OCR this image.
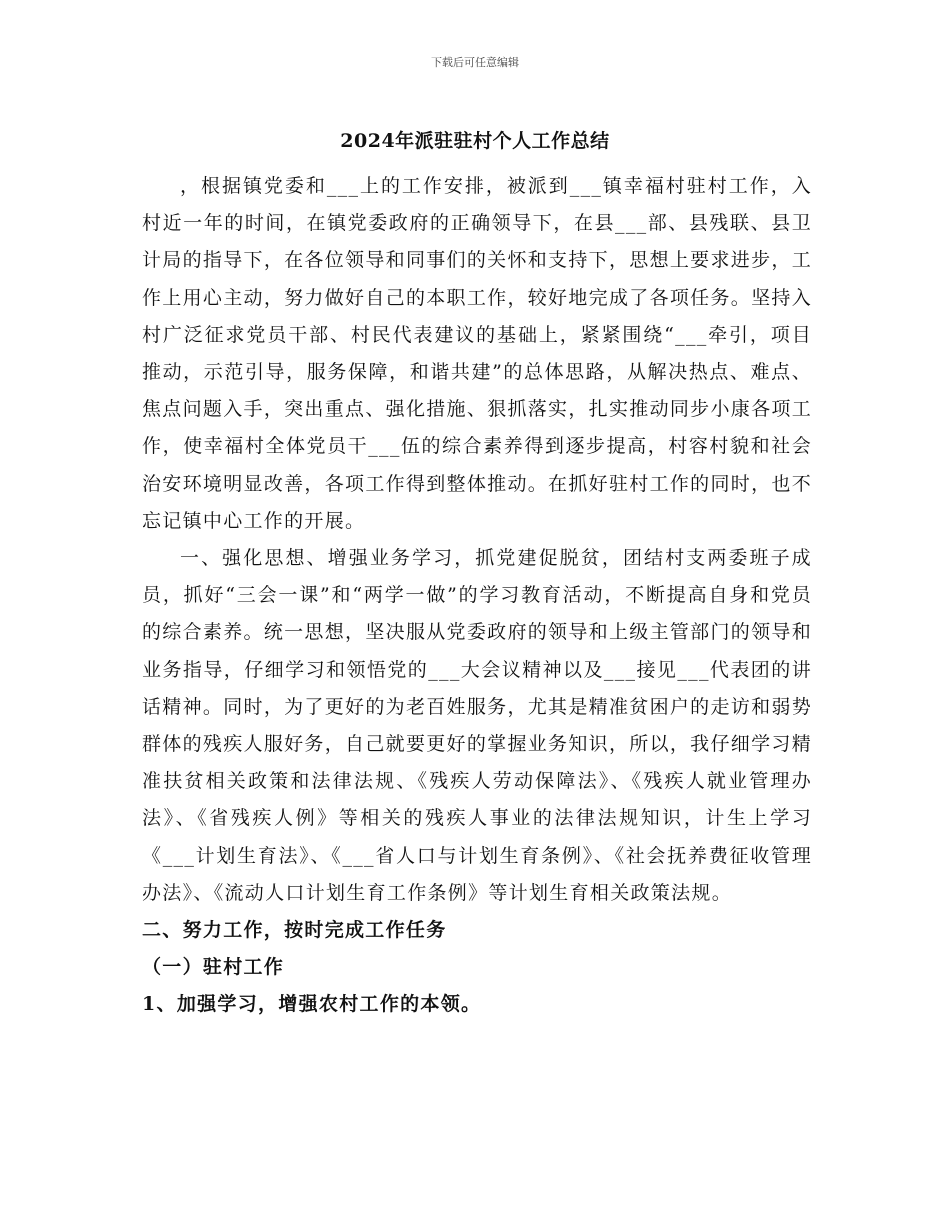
下载后可任意编辑
2024年派驻驻村个人工作总结

，根据镇党委和___上的工作安排，被派到___镇幸福村驻村工作，入村近一年的时间，在镇党委政府的正确领导下，在县___部、县残联、县卫计局的指导下，在各位领导和同事们的关怀和支持下，思想上要求进步，工作上用心主动，努力做好自己的本职工作，较好地完成了各项任务。坚持入村广泛征求党员干部、村民代表建议的基础上，紧紧围绕“___牵引，项目推动，示范引导，服务保障，和谐共建”的总体思路，从解决热点、难点、焦点问题入手，突出重点、强化措施、狠抓落实，扎实推动同步小康各项工作，使幸福村全体党员干___伍的综合素养得到逐步提高，村容村貌和社会治安环境明显改善，各项工作得到整体推动。在抓好驻村工作的同时，也不忘记镇中心工作的开展。

一、强化思想、增强业务学习，抓党建促脱贫，团结村支两委班子成员，抓好“三会一课”和“两学一做”的学习教育活动，不断提高自身和党员的综合素养。统一思想，坚决服从党委政府的领导和上级主管部门的领导和业务指导，仔细学习和领悟党的___大会议精神以及___接见___代表团的讲话精神。同时，为了更好的为老百姓服务，尤其是精准贫困户的走访和弱势群体的残疾人服好务，自己就要更好的掌握业务知识，所以，我仔细学习精准扶贫相关政策和法律法规、《残疾人劳动保障法》、《残疾人就业管理办法》、《省残疾人例》等相关的残疾人事业的法律法规知识，计生上学习《___计划生育法》、《___省人口与计划生育条例》、《社会抚养费征收管理办法》、《流动人口计划生育工作条例》等计划生育相关政策法规。

二、努力工作，按时完成工作任务

（一）驻村工作

1、加强学习，增强农村工作的本领。
